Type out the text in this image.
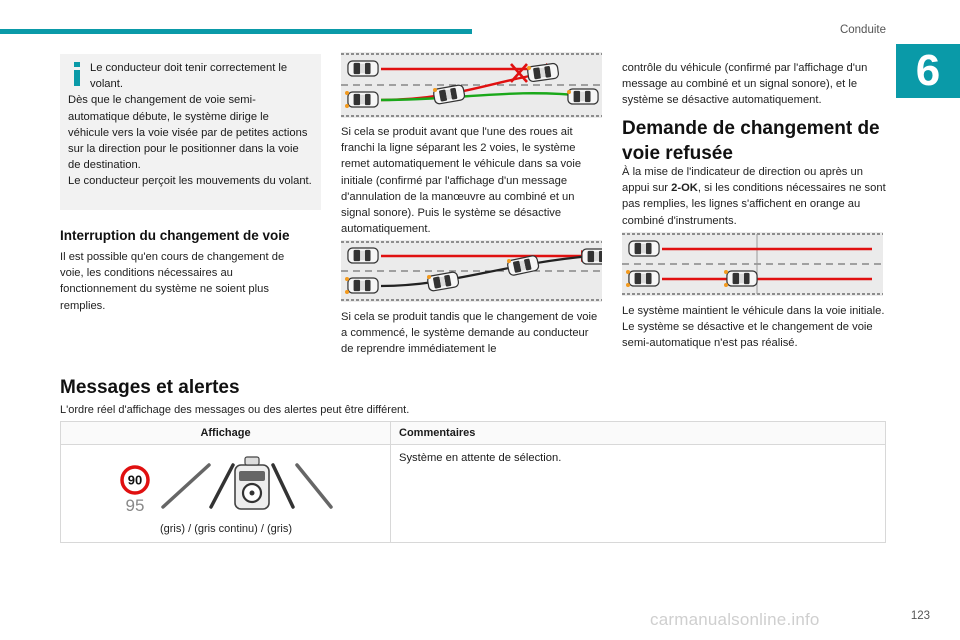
Conduite
6

Le conducteur doit tenir correctement le volant.

Dès que le changement de voie semi-automatique débute, le système dirige le véhicule vers la voie visée par de petites actions sur la direction pour le positionner dans la voie de destination.

Le conducteur perçoit les mouvements du volant.

Interruption du changement de voie
Il est possible qu'en cours de changement de voie, les conditions nécessaires au fonctionnement du système ne soient plus remplies.
Si cela se produit avant que l'une des roues ait franchi la ligne séparant les 2 voies, le système remet automatiquement le véhicule dans sa voie initiale (confirmé par l'affichage d'un message d'annulation de la manœuvre au combiné et un signal sonore). Puis le système se désactive automatiquement.
Si cela se produit tandis que le changement de voie a commencé, le système demande au conducteur de reprendre immédiatement le
contrôle du véhicule (confirmé par l'affichage d'un message au combiné et un signal sonore), et le système se désactive automatiquement.
Demande de changement de voie refusée
À la mise de l'indicateur de direction ou après un appui sur 2-OK, si les conditions nécessaires ne sont pas remplies, les lignes s'affichent en orange au combiné d'instruments.
Le système maintient le véhicule dans la voie initiale. Le système se désactive et le changement de voie semi-automatique n'est pas réalisé.
Messages et alertes
L'ordre réel d'affichage des messages ou des alertes peut être différent.
Affichage	Commentaires
90
95
(gris) / (gris continu) / (gris)
Système en attente de sélection.
carmanualsonline.info	123
